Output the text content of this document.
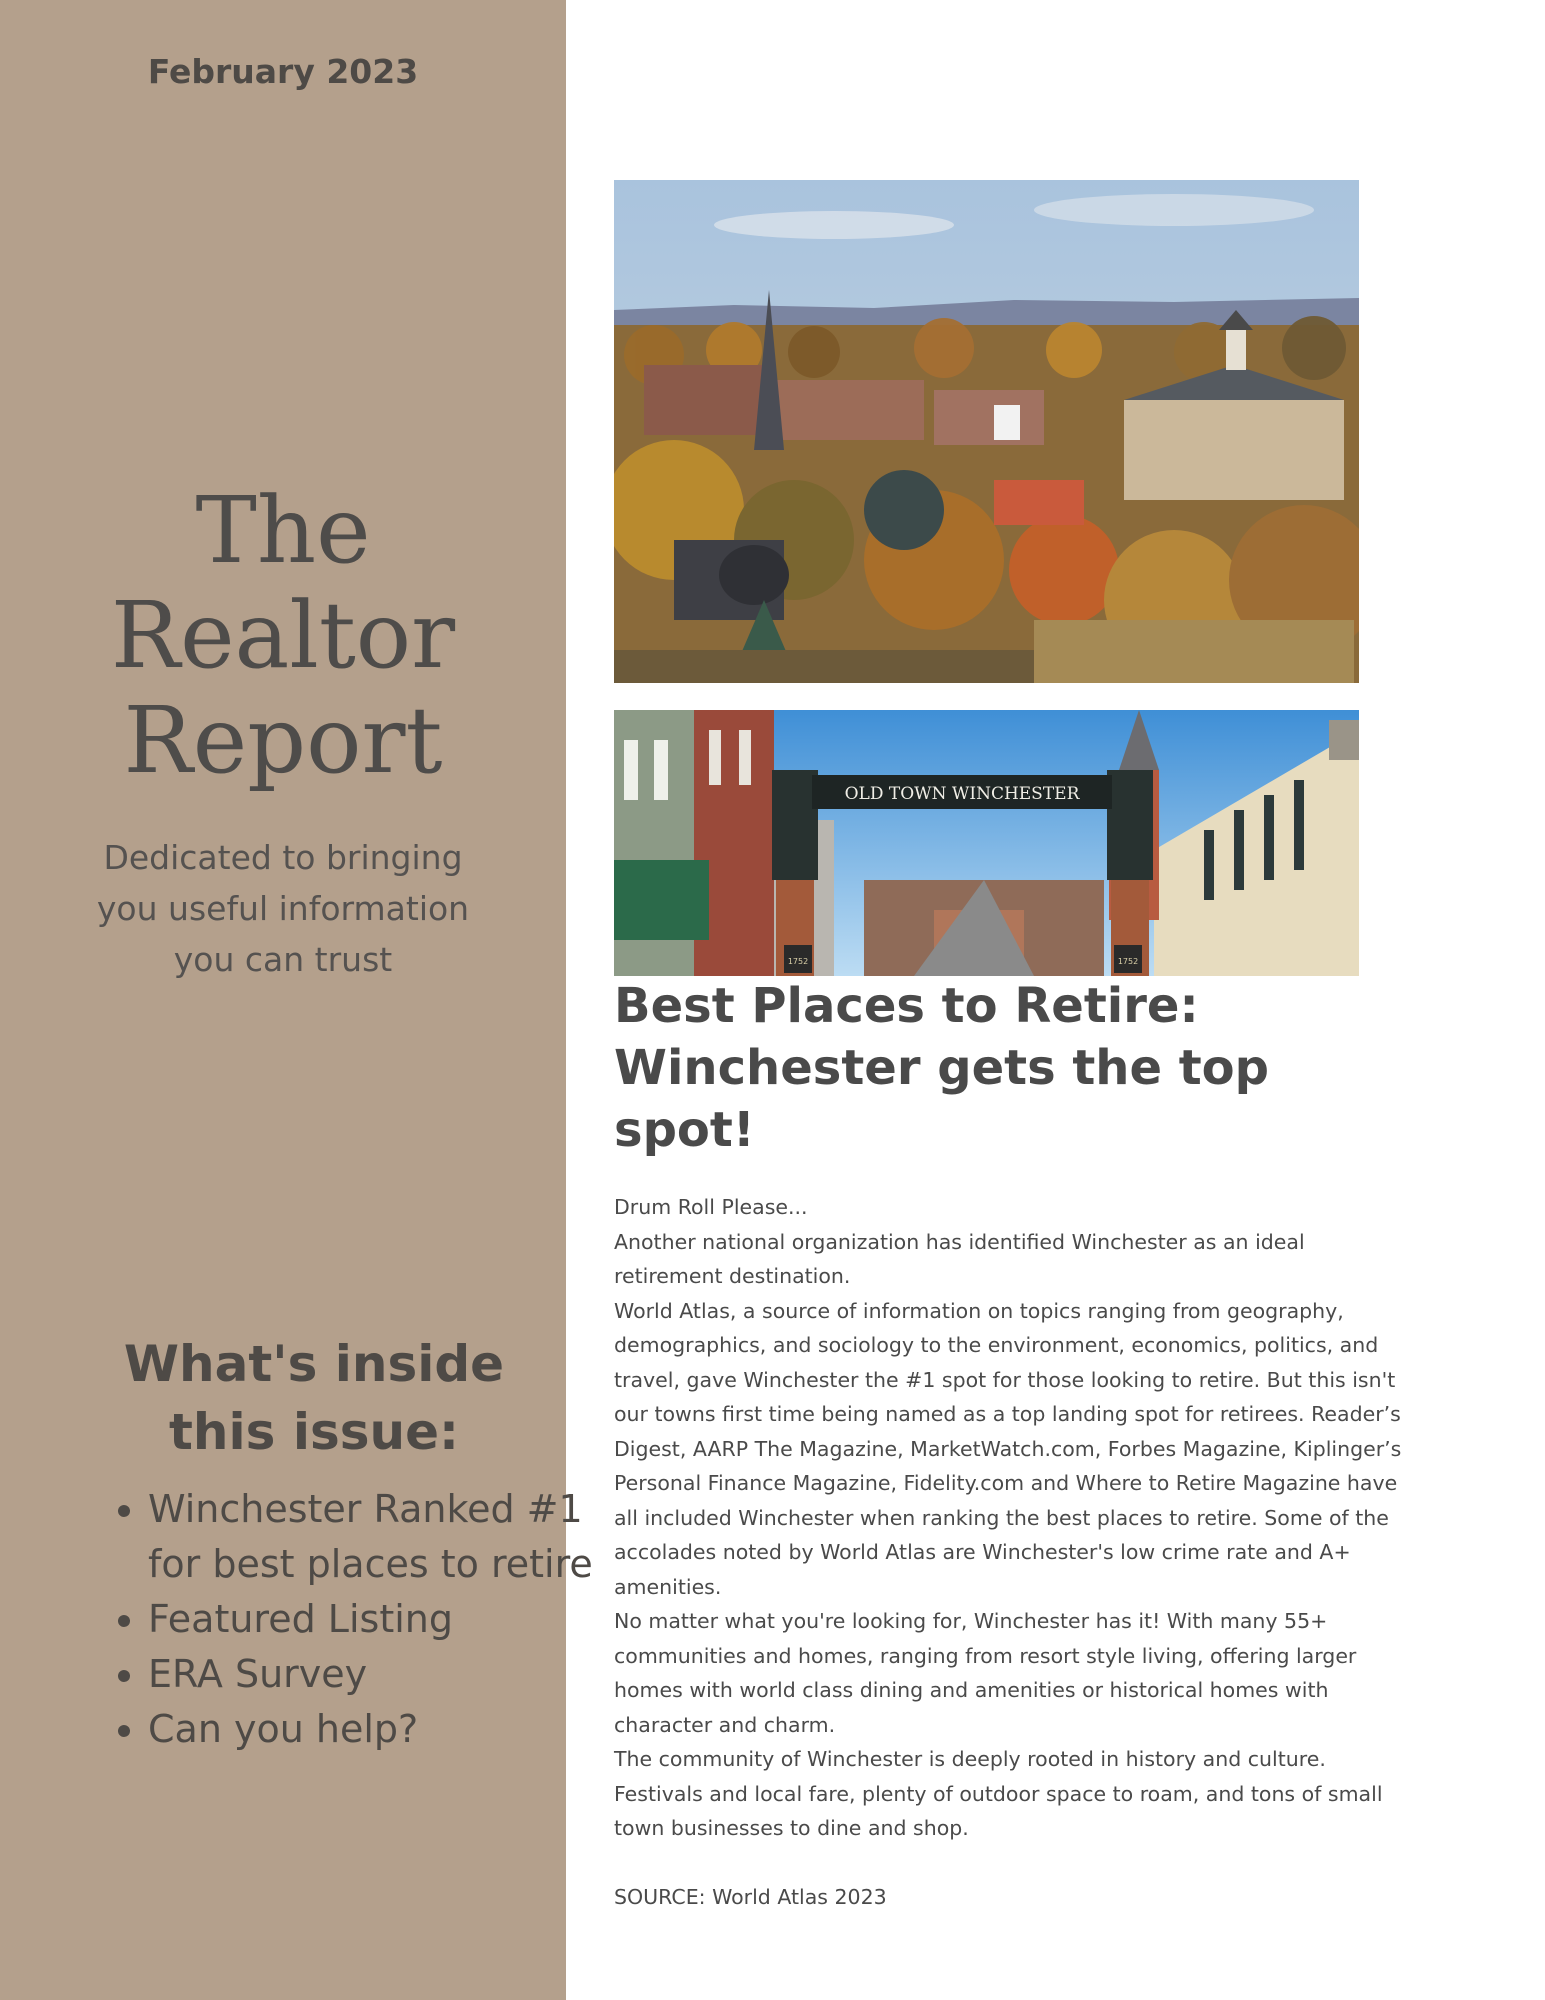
February 2023
The
Realtor
Report
Dedicated to bringing you useful information you can trust
What's inside this issue:
• Winchester Ranked #1 for best places to retire
• Featured Listing
• ERA Survey
• Can you help?
1752	1752
OLD TOWN WINCHESTER
Best Places to Retire: Winchester gets the top spot!

Drum Roll Please...

Another national organization has identified Winchester as an ideal retirement destination.

World Atlas, a source of information on topics ranging from geography, demographics, and sociology to the environment, economics, politics, and travel, gave Winchester the #1 spot for those looking to retire. But this isn't our towns first time being named as a top landing spot for retirees. Reader’s Digest, AARP The Magazine, MarketWatch.com, Forbes Magazine, Kiplinger’s Personal Finance Magazine, Fidelity.com and Where to Retire Magazine have all included Winchester when ranking the best places to retire. Some of the accolades noted by World Atlas are Winchester's low crime rate and A+ amenities.

No matter what you're looking for, Winchester has it! With many 55+ communities and homes, ranging from resort style living, offering larger homes with world class dining and amenities or historical homes with character and charm.

The community of Winchester is deeply rooted in history and culture. Festivals and local fare, plenty of outdoor space to roam, and tons of small town businesses to dine and shop.

SOURCE: World Atlas 2023
